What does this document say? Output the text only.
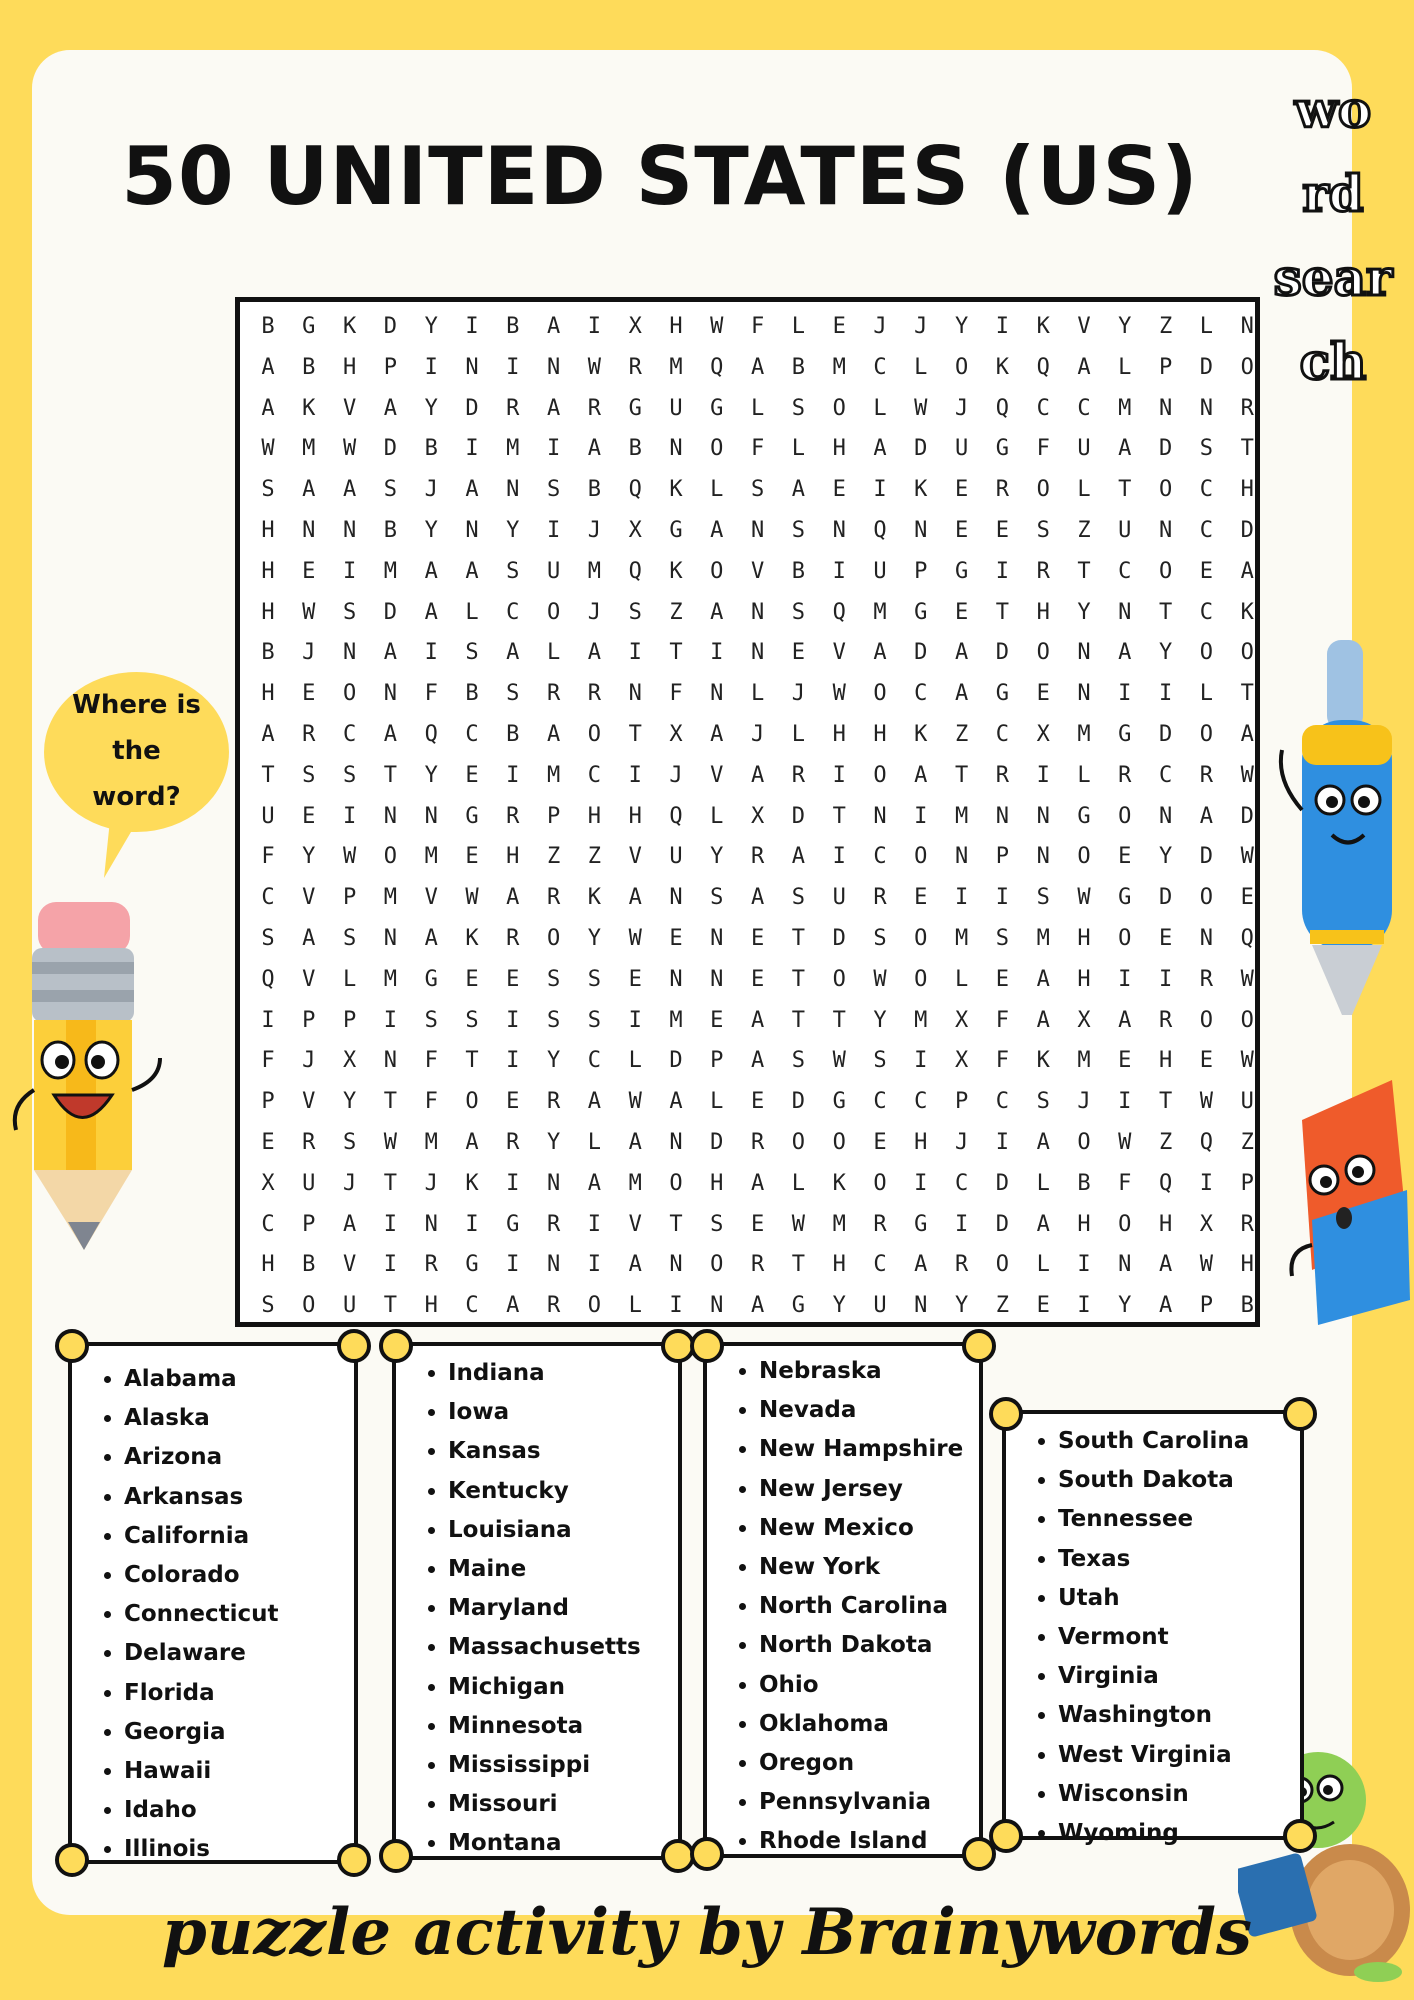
50 UNITED STATES (US)
wo
rd
sear
ch
Where is
the
word?
B	G	K	D	Y	I	B	A	I	X	H	W	F	L	E	J	J	Y	I	K	V	Y	Z	L	N
A	B	H	P	I	N	I	N	W	R	M	Q	A	B	M	C	L	O	K	Q	A	L	P	D	O
A	K	V	A	Y	D	R	A	R	G	U	G	L	S	O	L	W	J	Q	C	C	M	N	N	R
W	M	W	D	B	I	M	I	A	B	N	O	F	L	H	A	D	U	G	F	U	A	D	S	T
S	A	A	S	J	A	N	S	B	Q	K	L	S	A	E	I	K	E	R	O	L	T	O	C	H
H	N	N	B	Y	N	Y	I	J	X	G	A	N	S	N	Q	N	E	E	S	Z	U	N	C	D
H	E	I	M	A	A	S	U	M	Q	K	O	V	B	I	U	P	G	I	R	T	C	O	E	A
H	W	S	D	A	L	C	O	J	S	Z	A	N	S	Q	M	G	E	T	H	Y	N	T	C	K
B	J	N	A	I	S	A	L	A	I	T	I	N	E	V	A	D	A	D	O	N	A	Y	O	O
H	E	O	N	F	B	S	R	R	N	F	N	L	J	W	O	C	A	G	E	N	I	I	L	T
A	R	C	A	Q	C	B	A	O	T	X	A	J	L	H	H	K	Z	C	X	M	G	D	O	A
T	S	S	T	Y	E	I	M	C	I	J	V	A	R	I	O	A	T	R	I	L	R	C	R	W
U	E	I	N	N	G	R	P	H	H	Q	L	X	D	T	N	I	M	N	N	G	O	N	A	D
F	Y	W	O	M	E	H	Z	Z	V	U	Y	R	A	I	C	O	N	P	N	O	E	Y	D	W
C	V	P	M	V	W	A	R	K	A	N	S	A	S	U	R	E	I	I	S	W	G	D	O	E
S	A	S	N	A	K	R	O	Y	W	E	N	E	T	D	S	O	M	S	M	H	O	E	N	Q
Q	V	L	M	G	E	E	S	S	E	N	N	E	T	O	W	O	L	E	A	H	I	I	R	W
I	P	P	I	S	S	I	S	S	I	M	E	A	T	T	Y	M	X	F	A	X	A	R	O	O
F	J	X	N	F	T	I	Y	C	L	D	P	A	S	W	S	I	X	F	K	M	E	H	E	W
P	V	Y	T	F	O	E	R	A	W	A	L	E	D	G	C	C	P	C	S	J	I	T	W	U
E	R	S	W	M	A	R	Y	L	A	N	D	R	O	O	E	H	J	I	A	O	W	Z	Q	Z
X	U	J	T	J	K	I	N	A	M	O	H	A	L	K	O	I	C	D	L	B	F	Q	I	P
C	P	A	I	N	I	G	R	I	V	T	S	E	W	M	R	G	I	D	A	H	O	H	X	R
H	B	V	I	R	G	I	N	I	A	N	O	R	T	H	C	A	R	O	L	I	N	A	W	H
S	O	U	T	H	C	A	R	O	L	I	N	A	G	Y	U	N	Y	Z	E	I	Y	A	P	B
• Alabama
• Alaska
• Arizona
• Arkansas
• California
• Colorado
• Connecticut
• Delaware
• Florida
• Georgia
• Hawaii
• Idaho
• Illinois
• Indiana
• Iowa
• Kansas
• Kentucky
• Louisiana
• Maine
• Maryland
• Massachusetts
• Michigan
• Minnesota
• Mississippi
• Missouri
• Montana
• Nebraska
• Nevada
• New Hampshire
• New Jersey
• New Mexico
• New York
• North Carolina
• North Dakota
• Ohio
• Oklahoma
• Oregon
• Pennsylvania
• Rhode Island
• South Carolina
• South Dakota
• Tennessee
• Texas
• Utah
• Vermont
• Virginia
• Washington
• West Virginia
• Wisconsin
• Wyoming
puzzle activity by Brainywords
